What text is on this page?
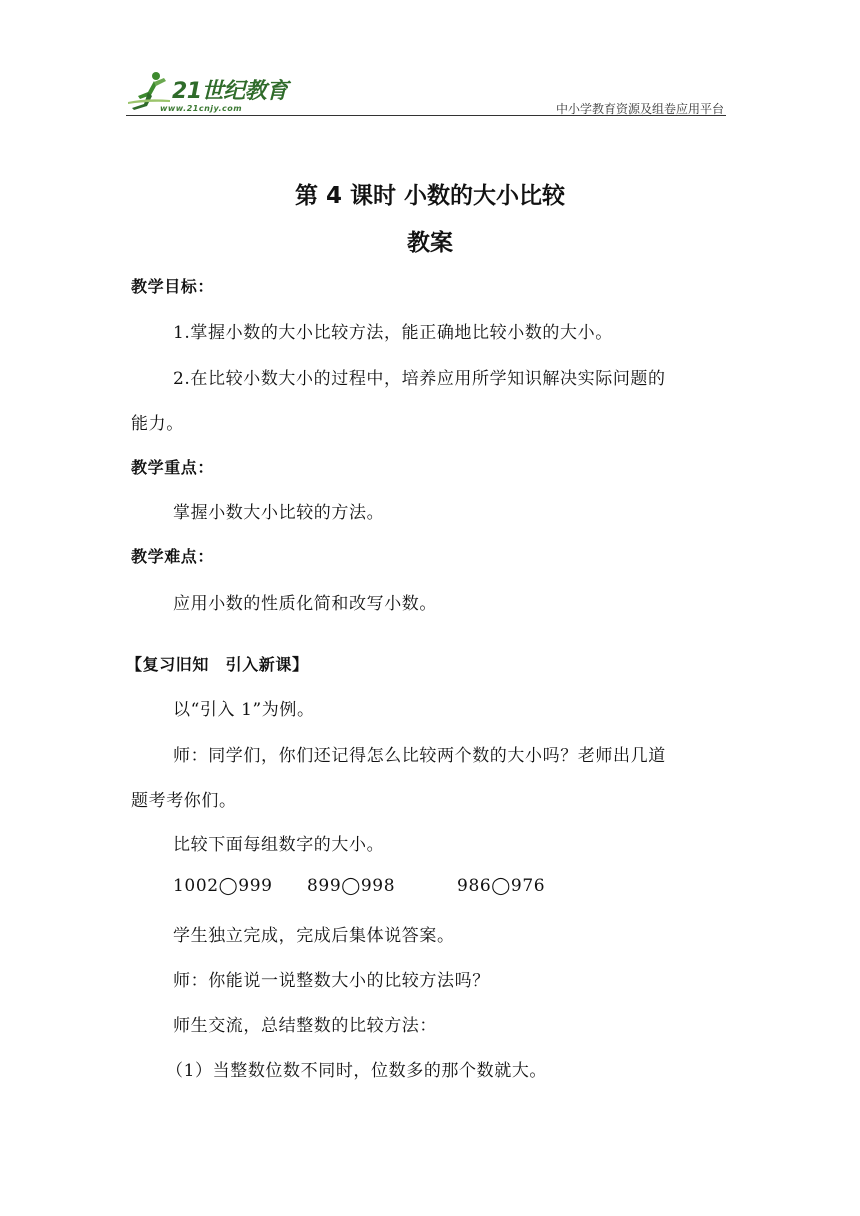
21世纪教育
www.21cnjy.com	中小学教育资源及组卷应用平台
第 4 课时 小数的大小比较
教案
教学目标：
1.掌握小数的大小比较方法，能正确地比较小数的大小。
2.在比较小数大小的过程中，培养应用所学知识解决实际问题的
能力。
教学重点：
掌握小数大小比较的方法。
教学难点：
应用小数的性质化简和改写小数。
【复习旧知　引入新课】
以“引入 1”为例。
师：同学们，你们还记得怎么比较两个数的大小吗？老师出几道
题考考你们。
比较下面每组数字的大小。
1002◯999 899◯998	986◯976
学生独立完成，完成后集体说答案。
师：你能说一说整数大小的比较方法吗？
师生交流，总结整数的比较方法：
（1）当整数位数不同时，位数多的那个数就大。
